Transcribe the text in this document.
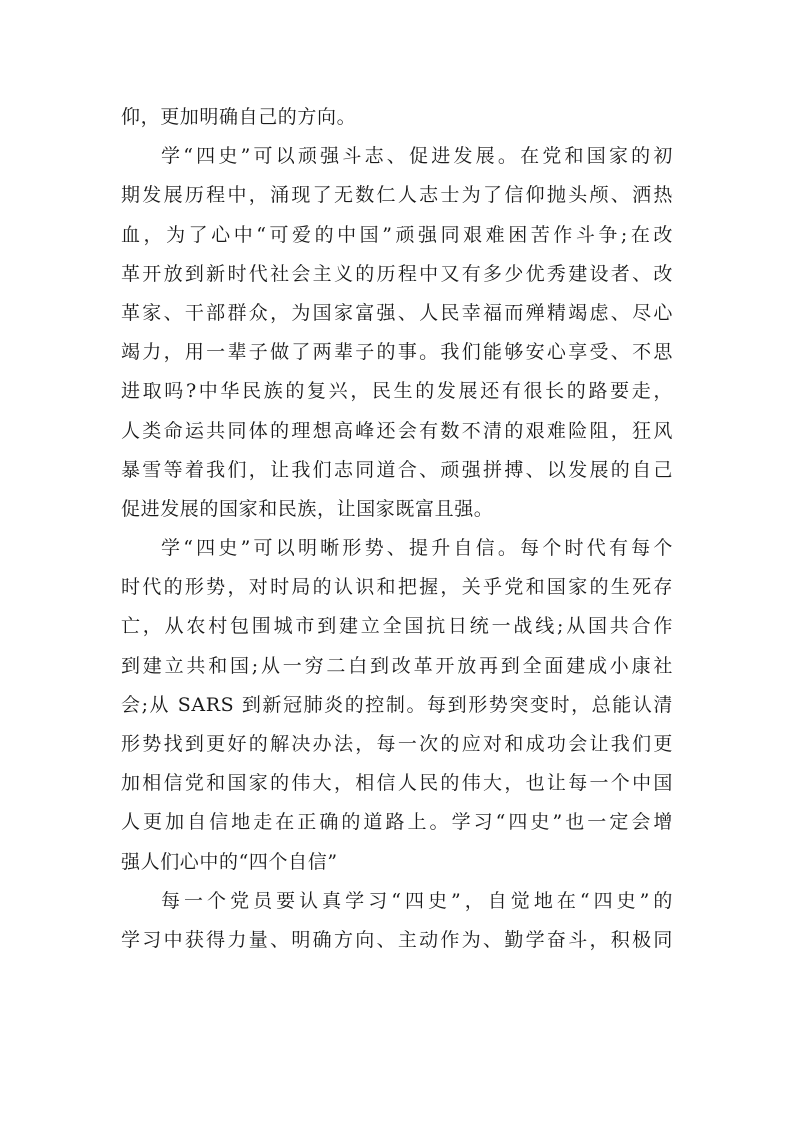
仰，更加明确自己的方向。
学“四史”可以顽强斗志、促进发展。在党和国家的初
期发展历程中，涌现了无数仁人志士为了信仰抛头颅、洒热
血，为了心中“可爱的中国”顽强同艰难困苦作斗争;在改
革开放到新时代社会主义的历程中又有多少优秀建设者、改
革家、干部群众，为国家富强、人民幸福而殚精竭虑、尽心
竭力，用一辈子做了两辈子的事。我们能够安心享受、不思
进取吗?中华民族的复兴，民生的发展还有很长的路要走，
人类命运共同体的理想高峰还会有数不清的艰难险阻，狂风
暴雪等着我们，让我们志同道合、顽强拼搏、以发展的自己
促进发展的国家和民族，让国家既富且强。
学“四史”可以明晰形势、提升自信。每个时代有每个
时代的形势，对时局的认识和把握，关乎党和国家的生死存
亡，从农村包围城市到建立全国抗日统一战线;从国共合作
到建立共和国;从一穷二白到改革开放再到全面建成小康社
会;从 SARS 到新冠肺炎的控制。每到形势突变时，总能认清
形势找到更好的解决办法，每一次的应对和成功会让我们更
加相信党和国家的伟大，相信人民的伟大，也让每一个中国
人更加自信地走在正确的道路上。学习“四史”也一定会增
强人们心中的“四个自信”
每一个党员要认真学习“四史”，自觉地在“四史”的
学习中获得力量、明确方向、主动作为、勤学奋斗，积极同
